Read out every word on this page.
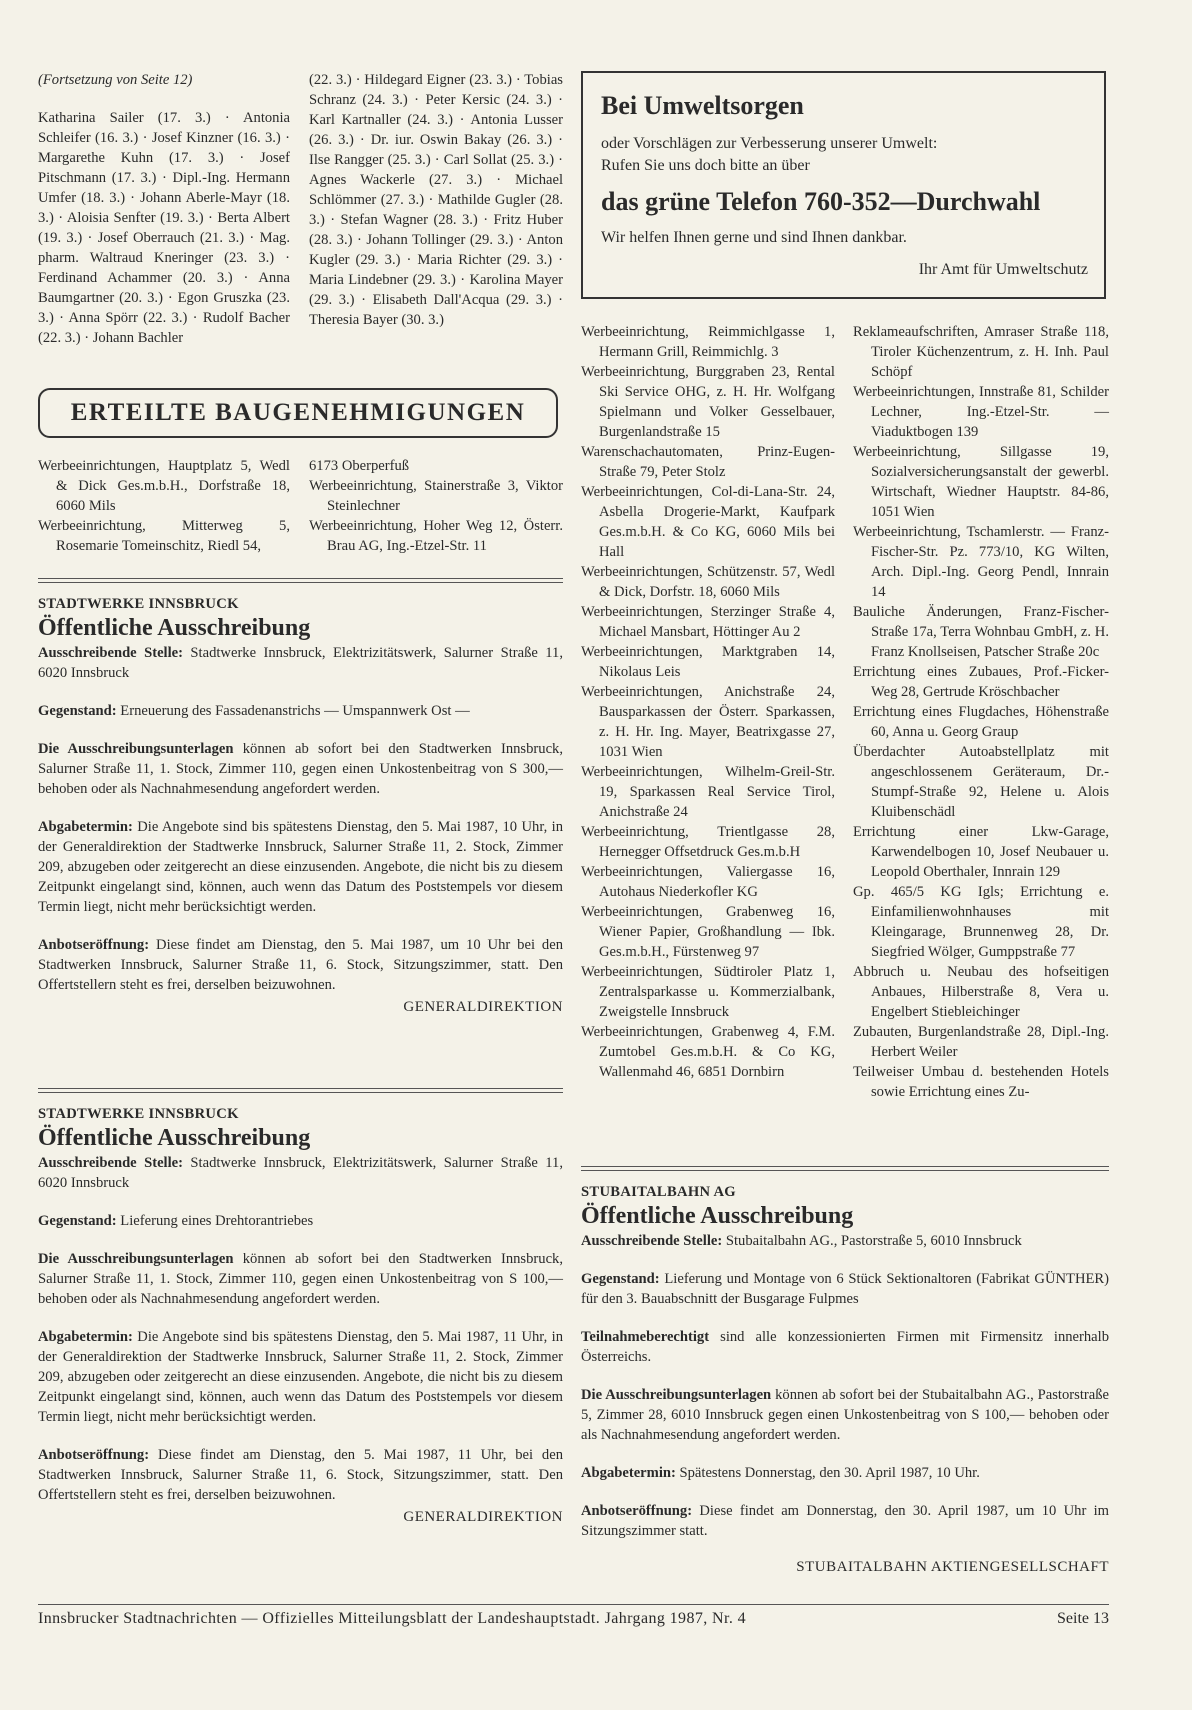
(Fortsetzung von Seite 12)

Katharina Sailer (17. 3.) · Antonia Schleifer (16. 3.) · Josef Kinzner (16. 3.) · Margarethe Kuhn (17. 3.) · Josef Pitschmann (17. 3.) · Dipl.-Ing. Hermann Umfer (18. 3.) · Johann Aberle-Mayr (18. 3.) · Aloisia Senfter (19. 3.) · Berta Albert (19. 3.) · Josef Oberrauch (21. 3.) · Mag. pharm. Waltraud Kneringer (23. 3.) · Ferdinand Achammer (20. 3.) · Anna Baumgartner (20. 3.) · Egon Gruszka (23. 3.) · Anna Spörr (22. 3.) · Rudolf Bacher (22. 3.) · Johann Bachler

(22. 3.) · Hildegard Eigner (23. 3.) · Tobias Schranz (24. 3.) · Peter Kersic (24. 3.) · Karl Kartnaller (24. 3.) · Antonia Lusser (26. 3.) · Dr. iur. Oswin Bakay (26. 3.) · Ilse Rangger (25. 3.) · Carl Sollat (25. 3.) · Agnes Wackerle (27. 3.) · Michael Schlömmer (27. 3.) · Mathilde Gugler (28. 3.) · Stefan Wagner (28. 3.) · Fritz Huber (28. 3.) · Johann Tollinger (29. 3.) · Anton Kugler (29. 3.) · Maria Richter (29. 3.) · Maria Lindebner (29. 3.) · Karolina Mayer (29. 3.) · Elisabeth Dall'Acqua (29. 3.) · Theresia Bayer (30. 3.)
Bei Umweltsorgen
oder Vorschlägen zur Verbesserung unserer Umwelt:
Rufen Sie uns doch bitte an über
das grüne Telefon 760-352—Durchwahl
Wir helfen Ihnen gerne und sind Ihnen dankbar.
Ihr Amt für Umweltschutz
ERTEILTE BAUGENEHMIGUNGEN

Werbeeinrichtungen, Hauptplatz 5, Wedl & Dick Ges.m.b.H., Dorfstraße 18, 6060 Mils

Werbeeinrichtung, Mitterweg 5, Rosemarie Tomeinschitz, Riedl 54,

6173 Oberperfuß

Werbeeinrichtung, Stainerstraße 3, Viktor Steinlechner

Werbeeinrichtung, Hoher Weg 12, Österr. Brau AG, Ing.-Etzel-Str. 11

Werbeeinrichtung, Reimmichlgasse 1, Hermann Grill, Reimmichlg. 3

Werbeeinrichtung, Burggraben 23, Rental Ski Service OHG, z. H. Hr. Wolfgang Spielmann und Volker Gesselbauer, Burgenlandstraße 15

Warenschachautomaten, Prinz-Eugen-Straße 79, Peter Stolz

Werbeeinrichtungen, Col-di-Lana-Str. 24, Asbella Drogerie-Markt, Kaufpark Ges.m.b.H. & Co KG, 6060 Mils bei Hall

Werbeeinrichtungen, Schützenstr. 57, Wedl & Dick, Dorfstr. 18, 6060 Mils

Werbeeinrichtungen, Sterzinger Straße 4, Michael Mansbart, Höttinger Au 2

Werbeeinrichtungen, Marktgraben 14, Nikolaus Leis

Werbeeinrichtungen, Anichstraße 24, Bausparkassen der Österr. Sparkassen, z. H. Hr. Ing. Mayer, Beatrixgasse 27, 1031 Wien

Werbeeinrichtungen, Wilhelm-Greil-Str. 19, Sparkassen Real Service Tirol, Anichstraße 24

Werbeeinrichtung, Trientlgasse 28, Hernegger Offsetdruck Ges.m.b.H

Werbeeinrichtungen, Valiergasse 16, Autohaus Niederkofler KG

Werbeeinrichtungen, Grabenweg 16, Wiener Papier, Großhandlung — Ibk. Ges.m.b.H., Fürstenweg 97

Werbeeinrichtungen, Südtiroler Platz 1, Zentralsparkasse u. Kommerzialbank, Zweigstelle Innsbruck

Werbeeinrichtungen, Grabenweg 4, F.M. Zumtobel Ges.m.b.H. & Co KG, Wallenmahd 46, 6851 Dornbirn

Reklameaufschriften, Amraser Straße 118, Tiroler Küchenzentrum, z. H. Inh. Paul Schöpf

Werbeeinrichtungen, Innstraße 81, Schilder Lechner, Ing.-Etzel-Str. — Viaduktbogen 139

Werbeeinrichtung, Sillgasse 19, Sozialversicherungsanstalt der gewerbl. Wirtschaft, Wiedner Hauptstr. 84-86, 1051 Wien

Werbeeinrichtung, Tschamlerstr. — Franz-Fischer-Str. Pz. 773/10, KG Wilten, Arch. Dipl.-Ing. Georg Pendl, Innrain 14

Bauliche Änderungen, Franz-Fischer-Straße 17a, Terra Wohnbau GmbH, z. H. Franz Knollseisen, Patscher Straße 20c

Errichtung eines Zubaues, Prof.-Ficker-Weg 28, Gertrude Kröschbacher

Errichtung eines Flugdaches, Höhenstraße 60, Anna u. Georg Graup

Überdachter Autoabstellplatz mit angeschlossenem Geräteraum, Dr.-Stumpf-Straße 92, Helene u. Alois Kluibenschädl

Errichtung einer Lkw-Garage, Karwendelbogen 10, Josef Neubauer u. Leopold Oberthaler, Innrain 129

Gp. 465/5 KG Igls; Errichtung e. Einfamilienwohnhauses mit Kleingarage, Brunnenweg 28, Dr. Siegfried Wölger, Gumppstraße 77

Abbruch u. Neubau des hofseitigen Anbaues, Hilberstraße 8, Vera u. Engelbert Stiebleichinger

Zubauten, Burgenlandstraße 28, Dipl.-Ing. Herbert Weiler

Teilweiser Umbau d. bestehenden Hotels sowie Errichtung eines Zu-

STADTWERKE INNSBRUCK
Öffentliche Ausschreibung

Ausschreibende Stelle: Stadtwerke Innsbruck, Elektrizitätswerk, Salurner Straße 11, 6020 Innsbruck

Gegenstand: Erneuerung des Fassadenanstrichs — Umspannwerk Ost —

Die Ausschreibungsunterlagen können ab sofort bei den Stadtwerken Innsbruck, Salurner Straße 11, 1. Stock, Zimmer 110, gegen einen Unkostenbeitrag von S 300,— behoben oder als Nachnahmesendung angefordert werden.

Abgabetermin: Die Angebote sind bis spätestens Dienstag, den 5. Mai 1987, 10 Uhr, in der Generaldirektion der Stadtwerke Innsbruck, Salurner Straße 11, 2. Stock, Zimmer 209, abzugeben oder zeitgerecht an diese einzusenden. Angebote, die nicht bis zu diesem Zeitpunkt eingelangt sind, können, auch wenn das Datum des Poststempels vor diesem Termin liegt, nicht mehr berücksichtigt werden.

Anbotseröffnung: Diese findet am Dienstag, den 5. Mai 1987, um 10 Uhr bei den Stadtwerken Innsbruck, Salurner Straße 11, 6. Stock, Sitzungszimmer, statt. Den Offertstellern steht es frei, derselben beizuwohnen.

GENERALDIREKTION
STADTWERKE INNSBRUCK
Öffentliche Ausschreibung

Ausschreibende Stelle: Stadtwerke Innsbruck, Elektrizitätswerk, Salurner Straße 11, 6020 Innsbruck

Gegenstand: Lieferung eines Drehtorantriebes

Die Ausschreibungsunterlagen können ab sofort bei den Stadtwerken Innsbruck, Salurner Straße 11, 1. Stock, Zimmer 110, gegen einen Unkostenbeitrag von S 100,— behoben oder als Nachnahmesendung angefordert werden.

Abgabetermin: Die Angebote sind bis spätestens Dienstag, den 5. Mai 1987, 11 Uhr, in der Generaldirektion der Stadtwerke Innsbruck, Salurner Straße 11, 2. Stock, Zimmer 209, abzugeben oder zeitgerecht an diese einzusenden. Angebote, die nicht bis zu diesem Zeitpunkt eingelangt sind, können, auch wenn das Datum des Poststempels vor diesem Termin liegt, nicht mehr berücksichtigt werden.

Anbotseröffnung: Diese findet am Dienstag, den 5. Mai 1987, 11 Uhr, bei den Stadtwerken Innsbruck, Salurner Straße 11, 6. Stock, Sitzungszimmer, statt. Den Offertstellern steht es frei, derselben beizuwohnen.

GENERALDIREKTION
STUBAITALBAHN AG
Öffentliche Ausschreibung

Ausschreibende Stelle: Stubaitalbahn AG., Pastorstraße 5, 6010 Innsbruck

Gegenstand: Lieferung und Montage von 6 Stück Sektionaltoren (Fabrikat GÜNTHER) für den 3. Bauabschnitt der Busgarage Fulpmes

Teilnahmeberechtigt sind alle konzessionierten Firmen mit Firmensitz innerhalb Österreichs.

Die Ausschreibungsunterlagen können ab sofort bei der Stubaitalbahn AG., Pastorstraße 5, Zimmer 28, 6010 Innsbruck gegen einen Unkostenbeitrag von S 100,— behoben oder als Nachnahmesendung angefordert werden.

Abgabetermin: Spätestens Donnerstag, den 30. April 1987, 10 Uhr.

Anbotseröffnung: Diese findet am Donnerstag, den 30. April 1987, um 10 Uhr im Sitzungszimmer statt.

STUBAITALBAHN AKTIENGESELLSCHAFT
Innsbrucker Stadtnachrichten — Offizielles Mitteilungsblatt der Landeshauptstadt. Jahrgang 1987, Nr. 4	Seite 13
